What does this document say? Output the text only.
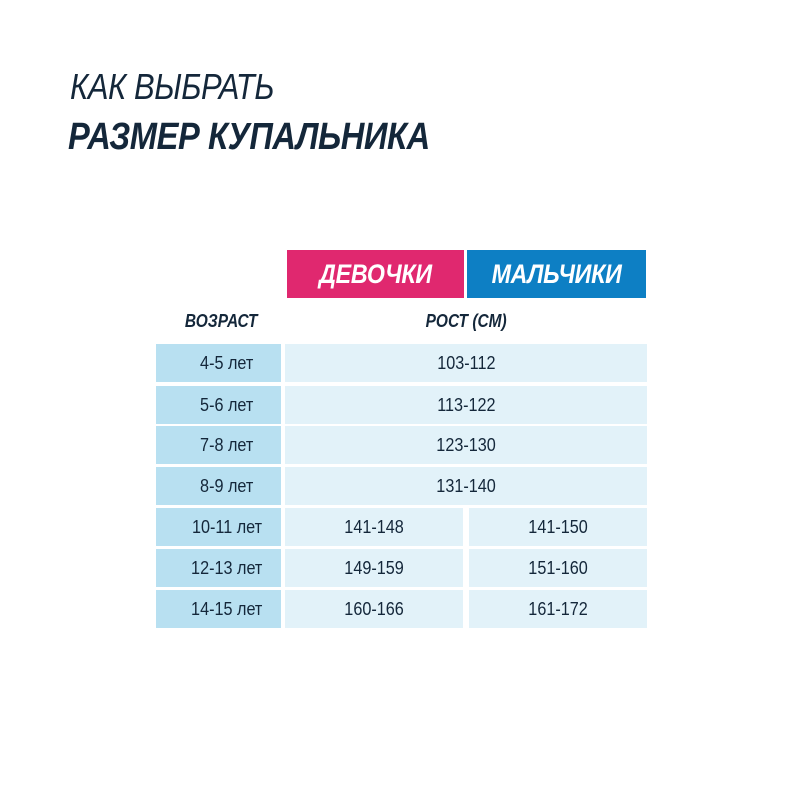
КАК ВЫБРАТЬ
РАЗМЕР КУПАЛЬНИКА
ДЕВОЧКИ МАЛЬЧИКИ
ВОЗРАСТ	РОСТ (СМ)
4-5 лет	103-112
5-6 лет	113-122
7-8 лет	123-130
8-9 лет	131-140
10-11 лет	141-148	141-150
12-13 лет	149-159	151-160
14-15 лет	160-166	161-172
